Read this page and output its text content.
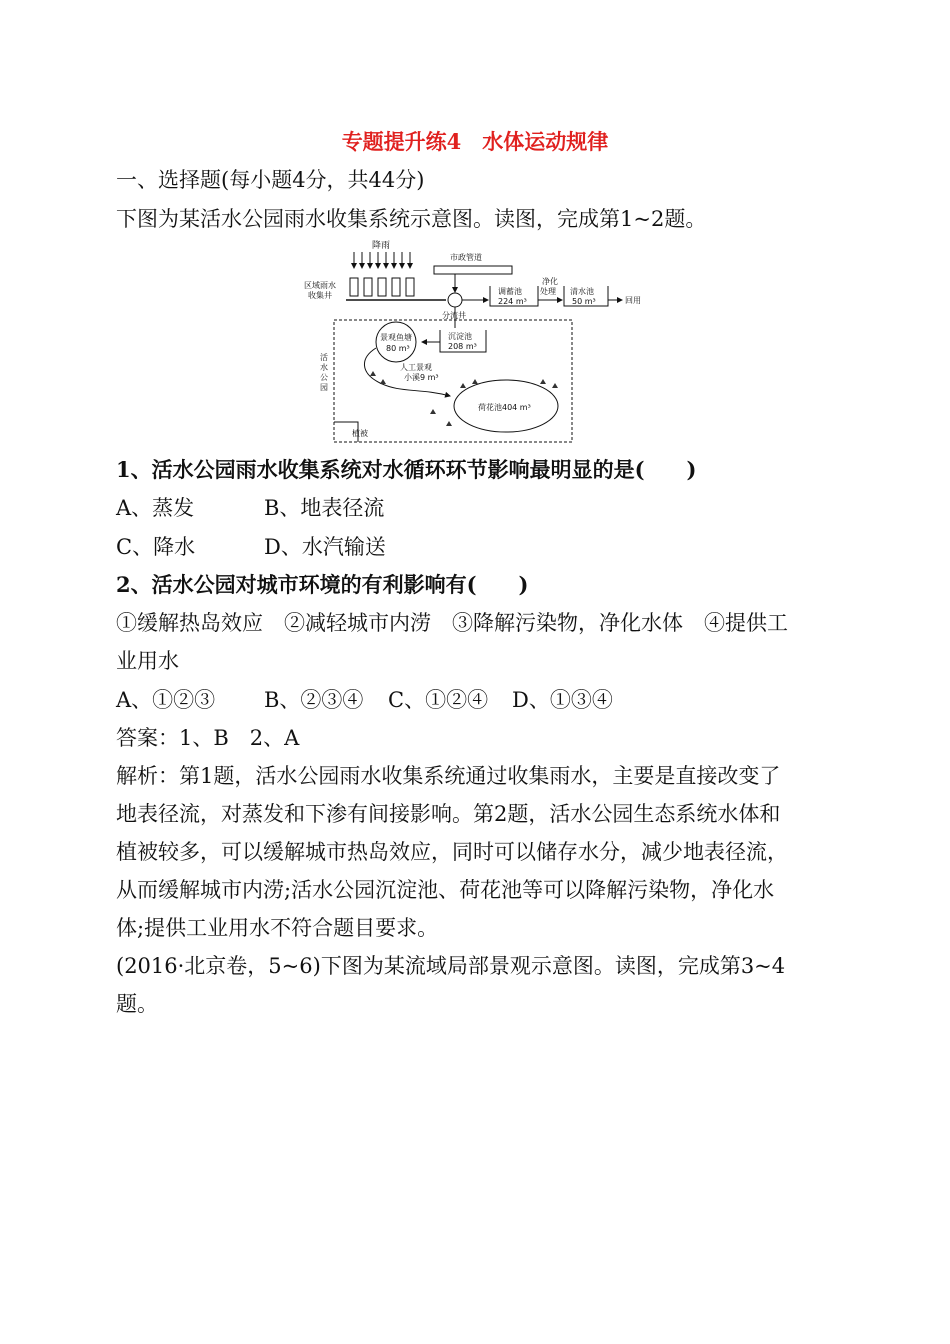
专题提升练4　水体运动规律
一、选择题(每小题4分，共44分)
下图为某活水公园雨水收集系统示意图。读图，完成第1~2题。
降雨
区域雨水
收集井
市政管道
分流井
调蓄池
224 m³
净化
处理 清水池
50 m³	回用
沉淀池
208 m³
景观鱼塘
80 m³
人工景观
小溪9 m³
荷花池404 m³
活
水
公
园
植被
1、活水公园雨水收集系统对水循环环节影响最明显的是(　　)
A、蒸发	B、地表径流
C、降水	D、水汽输送
2、活水公园对城市环境的有利影响有(　　)
①缓解热岛效应　②减轻城市内涝　③降解污染物，净化水体　④提供工
业用水
A、①②③ B、②③④ C、①②④ D、①③④
答案：1、B　2、A
解析：第1题，活水公园雨水收集系统通过收集雨水，主要是直接改变了
地表径流，对蒸发和下渗有间接影响。第2题，活水公园生态系统水体和
植被较多，可以缓解城市热岛效应，同时可以储存水分，减少地表径流，
从而缓解城市内涝;活水公园沉淀池、荷花池等可以降解污染物，净化水
体;提供工业用水不符合题目要求。
(2016·北京卷，5~6)下图为某流域局部景观示意图。读图，完成第3~4
题。
